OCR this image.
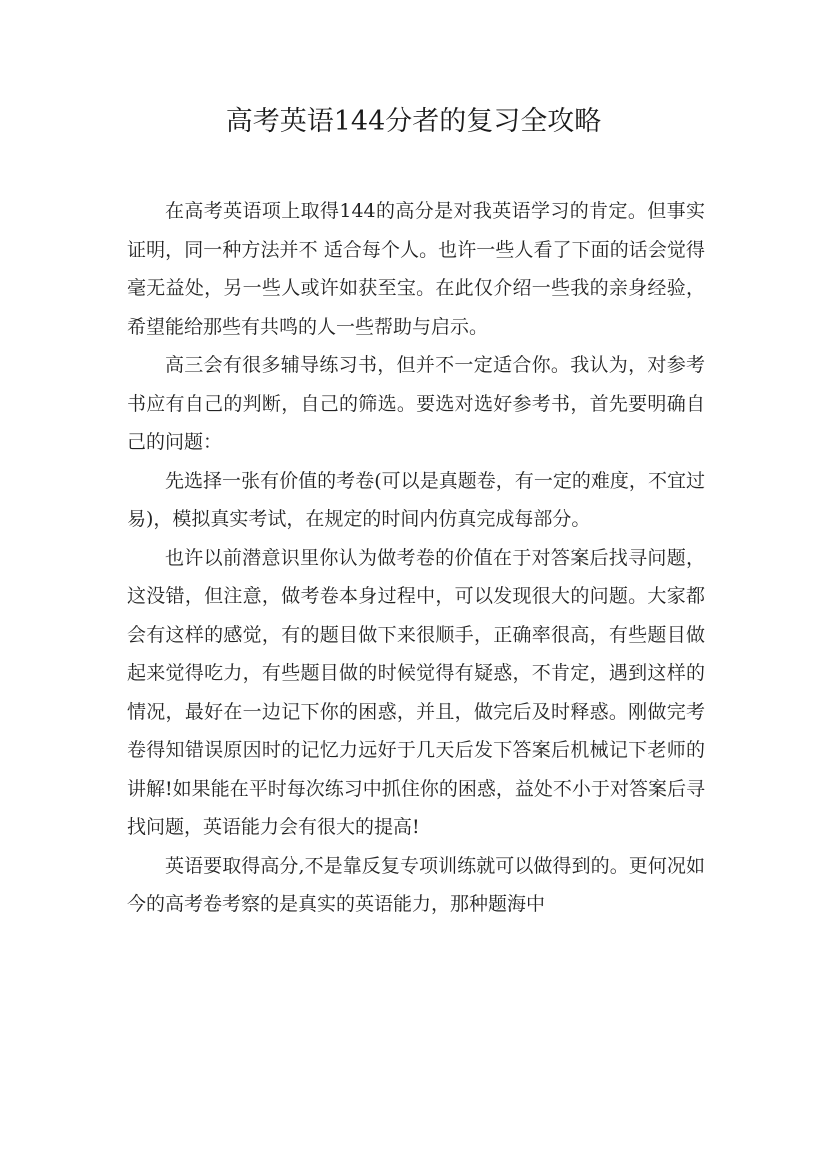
高考英语144分者的复习全攻略

在高考英语项上取得144的高分是对我英语学习的肯定。但事实证明，同一种方法并不 适合每个人。也许一些人看了下面的话会觉得毫无益处，另一些人或许如获至宝。在此仅介绍一些我的亲身经验，希望能给那些有共鸣的人一些帮助与启示。

高三会有很多辅导练习书，但并不一定适合你。我认为，对参考书应有自己的判断，自己的筛选。要选对选好参考书，首先要明确自己的问题：

先选择一张有价值的考卷(可以是真题卷，有一定的难度，不宜过易)，模拟真实考试，在规定的时间内仿真完成每部分。

也许以前潜意识里你认为做考卷的价值在于对答案后找寻问题，这没错，但注意，做考卷本身过程中，可以发现很大的问题。大家都会有这样的感觉，有的题目做下来很顺手，正确率很高，有些题目做起来觉得吃力，有些题目做的时候觉得有疑惑，不肯定，遇到这样的情况，最好在一边记下你的困惑，并且，做完后及时释惑。刚做完考卷得知错误原因时的记忆力远好于几天后发下答案后机械记下老师的讲解!如果能在平时每次练习中抓住你的困惑，益处不小于对答案后寻找问题，英语能力会有很大的提高!

英语要取得高分,不是靠反复专项训练就可以做得到的。更何况如今的高考卷考察的是真实的英语能力，那种题海中
